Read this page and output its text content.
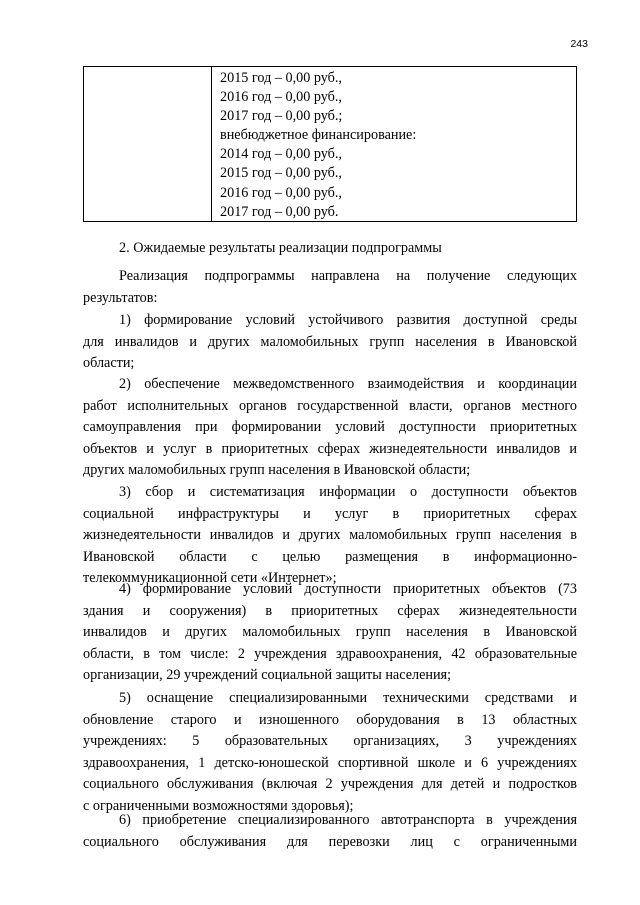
243
2015 год – 0,00 руб.,
2016 год – 0,00 руб.,
2017 год – 0,00 руб.;
внебюджетное финансирование:
2014 год – 0,00 руб.,
2015 год – 0,00 руб.,
2016 год – 0,00 руб.,
2017 год – 0,00 руб.
2. Ожидаемые результаты реализации подпрограммы
Реализация подпрограммы направлена на получение следующих
результатов:
1) формирование условий устойчивого развития доступной среды
для инвалидов и других маломобильных групп населения в Ивановской
области;
2) обеспечение межведомственного взаимодействия и координации
работ исполнительных органов государственной власти, органов местного
самоуправления при формировании условий доступности приоритетных
объектов и услуг в приоритетных сферах жизнедеятельности инвалидов и
других маломобильных групп населения в Ивановской области;
3) сбор и систематизация информации о доступности объектов
социальной инфраструктуры и услуг в приоритетных сферах
жизнедеятельности инвалидов и других маломобильных групп населения в
Ивановской области с целью размещения в информационно-
телекоммуникационной сети «Интернет»;
4) формирование условий доступности приоритетных объектов (73
здания и сооружения) в приоритетных сферах жизнедеятельности
инвалидов и других маломобильных групп населения в Ивановской
области, в том числе: 2 учреждения здравоохранения, 42 образовательные
организации, 29 учреждений социальной защиты населения;
5) оснащение специализированными техническими средствами и
обновление старого и изношенного оборудования в 13 областных
учреждениях: 5 образовательных организациях, 3 учреждениях
здравоохранения, 1 детско-юношеской спортивной школе и 6 учреждениях
социального обслуживания (включая 2 учреждения для детей и подростков
с ограниченными возможностями здоровья);
6) приобретение специализированного автотранспорта в учреждения
социального обслуживания для перевозки лиц с ограниченными
